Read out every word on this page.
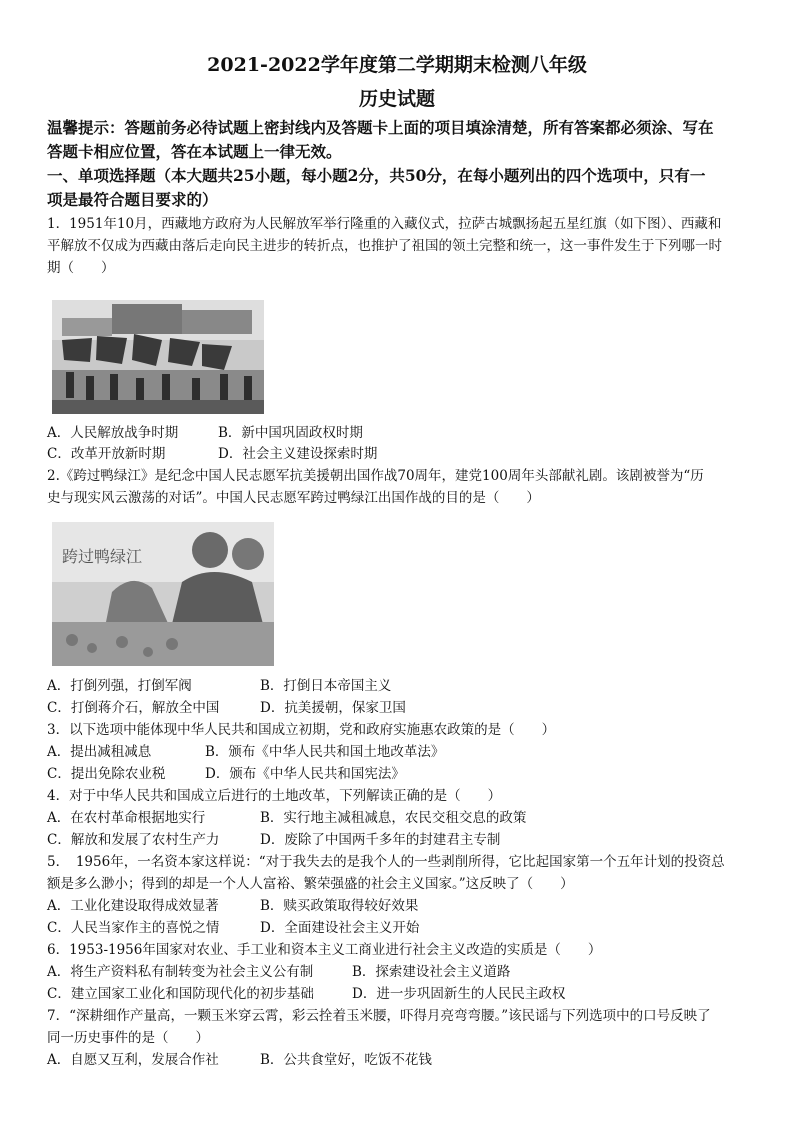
2021-2022学年度第二学期期末检测八年级
历史试题
温馨提示：答题前务必待试题上密封线内及答题卡上面的项目填涂清楚，所有答案都必须涂、写在
答题卡相应位置，答在本试题上一律无效。
一、单项选择题（本大题共25小题，每小题2分，共50分，在每小题列出的四个选项中，只有一
项是最符合题目要求的）
1．1951年10月，西藏地方政府为人民解放军举行隆重的入藏仪式，拉萨古城飘扬起五星红旗（如下图）、西藏和
平解放不仅成为西藏由落后走向民主进步的转折点，也推护了祖国的领土完整和统一，这一事件发生于下列哪一时
期（　　）
A．人民解放战争时期	B．新中国巩固政权时期
C．改革开放新时期	D．社会主义建设探索时期
2.《跨过鸭绿江》是纪念中国人民志愿军抗美援朝出国作战70周年，建党100周年头部献礼剧。该剧被誉为“历
史与现实风云激荡的对话”。中国人民志愿军跨过鸭绿江出国作战的目的是（　　）
跨过鸭绿江
A．打倒列强，打倒军阀	B．打倒日本帝国主义
C．打倒蒋介石，解放全中国	D．抗美援朝，保家卫国
3．以下选项中能体现中华人民共和国成立初期，党和政府实施惠农政策的是（　　）
A．提出减租减息	B．颁布《中华人民共和国土地改革法》
C．提出免除农业税	D．颁布《中华人民共和国宪法》
4．对于中华人民共和国成立后进行的土地改革，下列解读正确的是（　　）
A．在农村革命根据地实行	B．实行地主减租减息，农民交租交息的政策
C．解放和发展了农村生产力	D．废除了中国两千多年的封建君主专制
5．　1956年，一名资本家这样说：“对于我失去的是我个人的一些剥削所得，它比起国家第一个五年计划的投资总
额是多么渺小；得到的却是一个人人富裕、繁荣强盛的社会主义国家。”这反映了（　　）
A．工业化建设取得成效显著	B．赎买政策取得较好效果
C．人民当家作主的喜悦之情	D．全面建设社会主义开始
6．1953-1956年国家对农业、手工业和资本主义工商业进行社会主义改造的实质是（　　）
A．将生产资料私有制转变为社会主义公有制	B．探索建设社会主义道路
C．建立国家工业化和国防现代化的初步基础	D．进一步巩固新生的人民民主政权
7．“深耕细作产量高，一颗玉米穿云霄，彩云拴着玉米腰，吓得月亮弯弯腰。”该民谣与下列选项中的口号反映了
同一历史事件的是（　　）
A．自愿又互利，发展合作社	B．公共食堂好，吃饭不花钱
